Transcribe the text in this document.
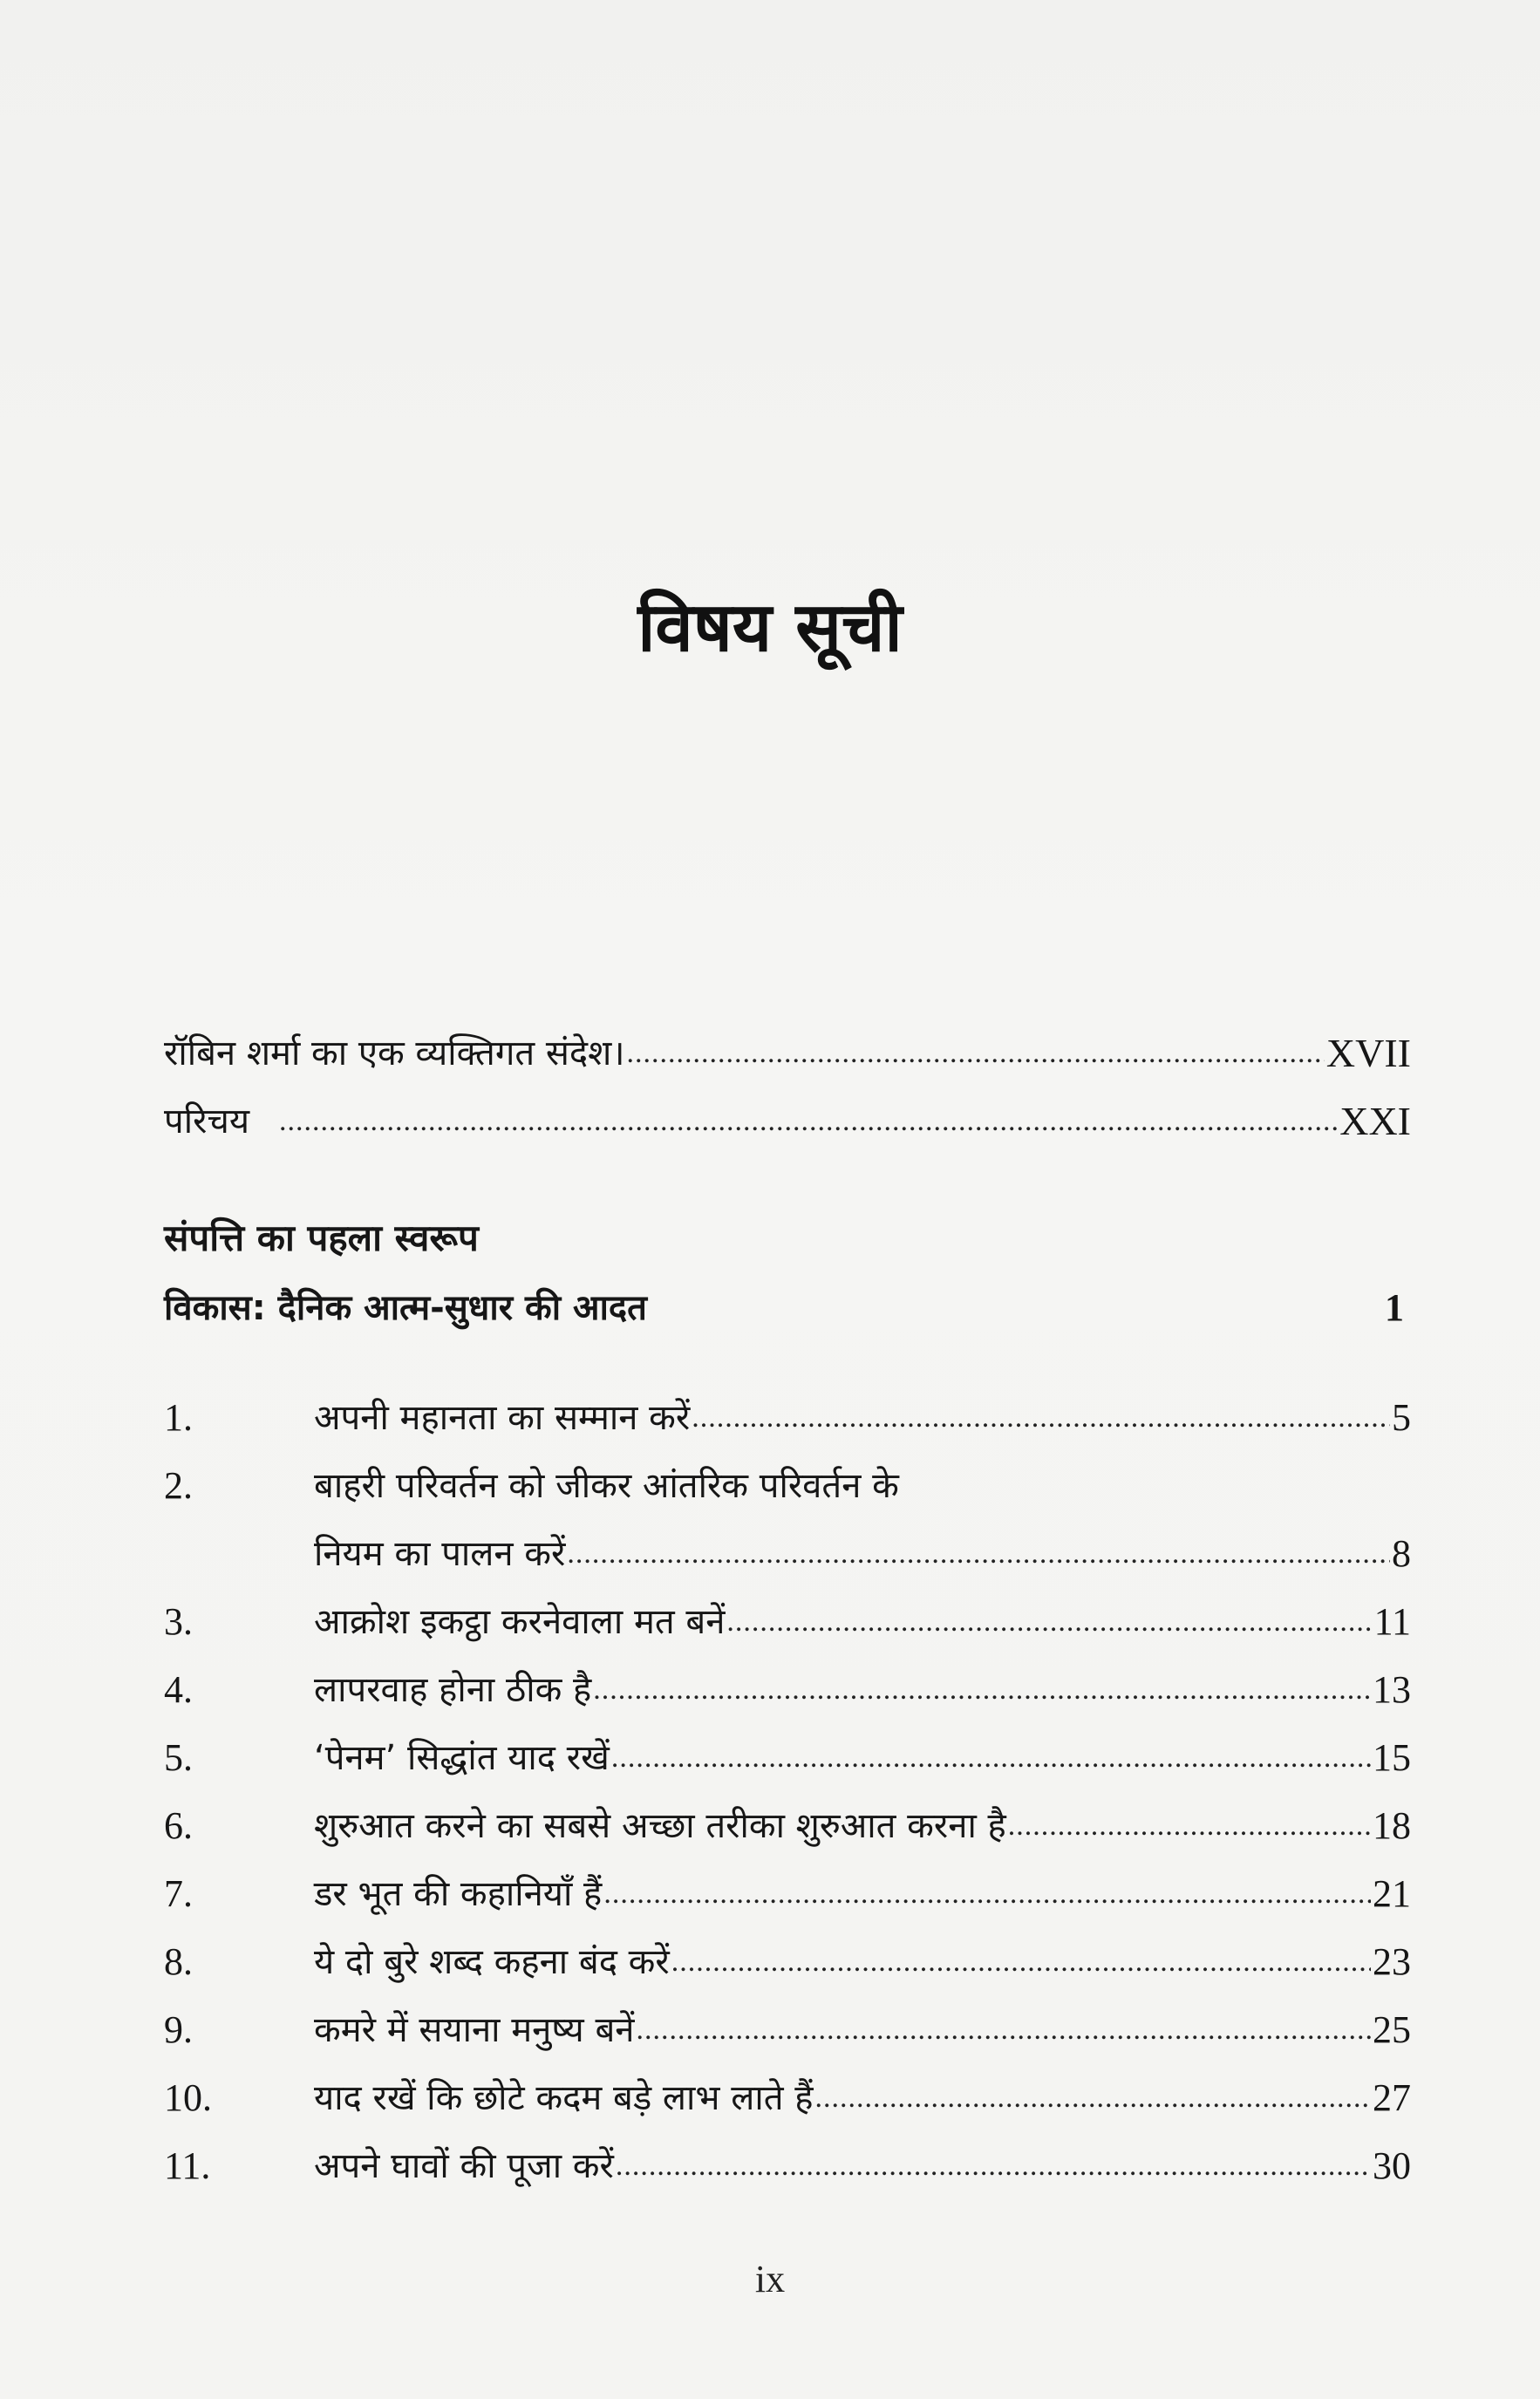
विषय सूची
रॉबिन शर्मा का एक व्यक्तिगत संदेश। .....	XVII
परिचय .....	XXI
संपत्ति का पहला स्वरूप
विकास: दैनिक आत्म-सुधार की आदत	1
1.	अपनी महानता का सम्मान करें .....	5
2.	बाहरी परिवर्तन को जीकर आंतरिक परिवर्तन के
नियम का पालन करें .....	8
3.	आक्रोश इकट्ठा करनेवाला मत बनें .....	11
4.	लापरवाह होना ठीक है .....	13
5.	‘पेनम’ सिद्धांत याद रखें .....	15
6.	शुरुआत करने का सबसे अच्छा तरीका शुरुआत करना है .....	18
7.	डर भूत की कहानियाँ हैं .....	21
8.	ये दो बुरे शब्द कहना बंद करें .....	23
9.	कमरे में सयाना मनुष्य बनें .....	25
10.	याद रखें कि छोटे कदम बड़े लाभ लाते हैं .....	27
11.	अपने घावों की पूजा करें .....	30
ix
